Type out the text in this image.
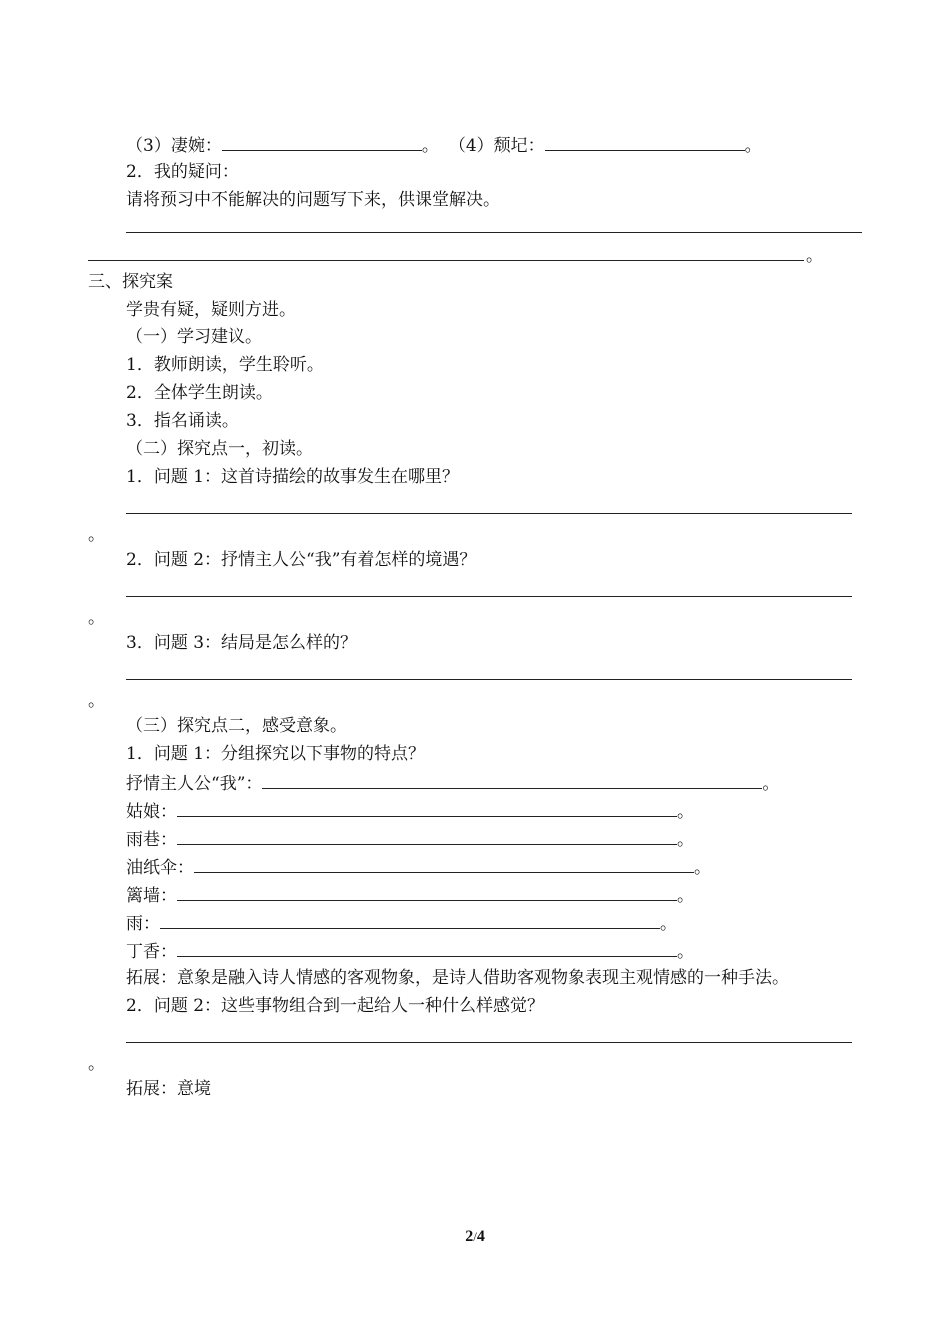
（3）凄婉：	。 （4）颓圮：	。
2．我的疑问：
请将预习中不能解决的问题写下来，供课堂解决。
。
三、探究案
学贵有疑，疑则方进。
（一）学习建议。
1．教师朗读，学生聆听。
2．全体学生朗读。
3．指名诵读。
（二）探究点一，初读。
1．问题 1：这首诗描绘的故事发生在哪里？
。
2．问题 2：抒情主人公“我”有着怎样的境遇？
。
3．问题 3：结局是怎么样的？
。
（三）探究点二，感受意象。
1．问题 1：分组探究以下事物的特点？
抒情主人公“我”：	。
姑娘：	。
雨巷：	。
油纸伞：	。
篱墙：	。
雨：	。
丁香：	。
拓展：意象是融入诗人情感的客观物象，是诗人借助客观物象表现主观情感的一种手法。
2．问题 2：这些事物组合到一起给人一种什么样感觉？
。
拓展：意境
2/4
